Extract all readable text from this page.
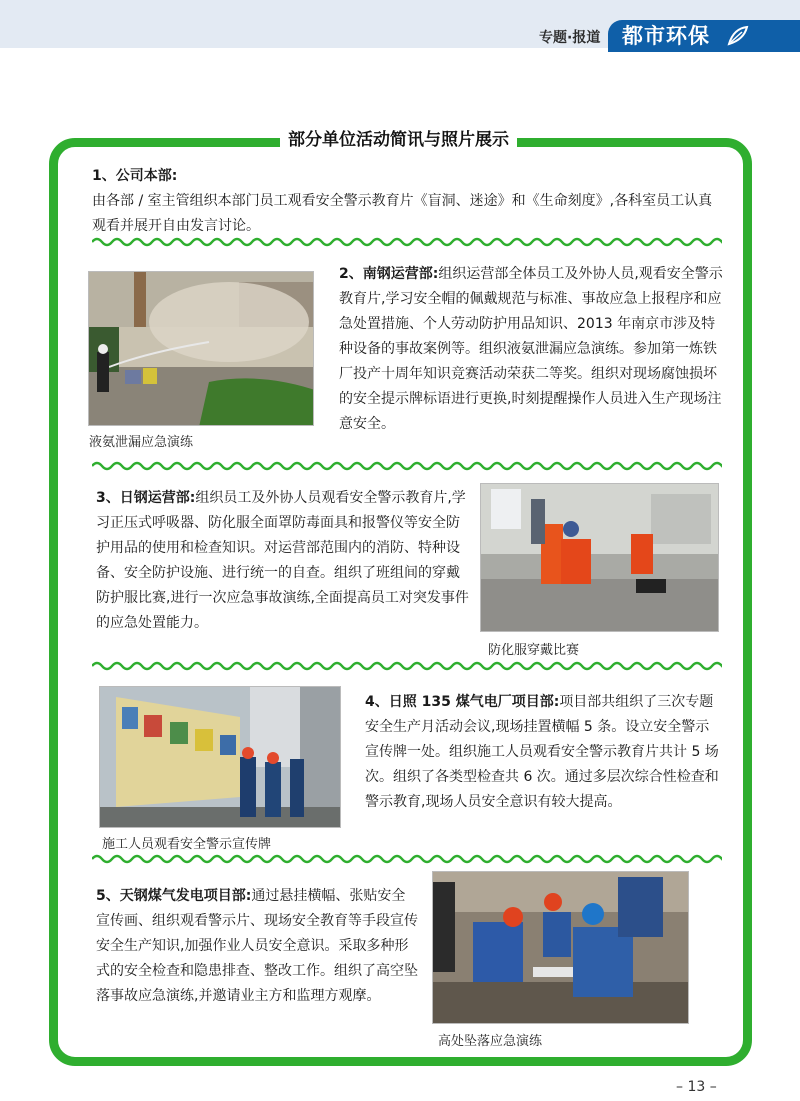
专题·报道	都市环保
部分单位活动简讯与照片展示
1、公司本部:
由各部 / 室主管组织本部门员工观看安全警示教育片《盲洞、迷途》和《生命刻度》,各科室员工认真观看并展开自由发言讨论。
液氨泄漏应急演练
2、南钢运营部:组织运营部全体员工及外协人员,观看安全警示教育片,学习安全帽的佩戴规范与标准、事故应急上报程序和应急处置措施、个人劳动防护用品知识、2013 年南京市涉及特种设备的事故案例等。组织液氨泄漏应急演练。参加第一炼铁厂投产十周年知识竞赛活动荣获二等奖。组织对现场腐蚀损坏的安全提示牌标语进行更换,时刻提醒操作人员进入生产现场注意安全。
3、日钢运营部:组织员工及外协人员观看安全警示教育片,学习正压式呼吸器、防化服全面罩防毒面具和报警仪等安全防护用品的使用和检查知识。对运营部范围内的消防、特种设备、安全防护设施、进行统一的自查。组织了班组间的穿戴防护服比赛,进行一次应急事故演练,全面提高员工对突发事件的应急处置能力。
防化服穿戴比赛
施工人员观看安全警示宣传牌
4、日照 135 煤气电厂项目部:项目部共组织了三次专题安全生产月活动会议,现场挂置横幅 5 条。设立安全警示宣传牌一处。组织施工人员观看安全警示教育片共计 5 场次。组织了各类型检查共 6 次。通过多层次综合性检查和警示教育,现场人员安全意识有较大提高。
5、天钢煤气发电项目部:通过悬挂横幅、张贴安全宣传画、组织观看警示片、现场安全教育等手段宣传安全生产知识,加强作业人员安全意识。采取多种形式的安全检查和隐患排查、整改工作。组织了高空坠落事故应急演练,并邀请业主方和监理方观摩。
高处坠落应急演练
– 13 –
